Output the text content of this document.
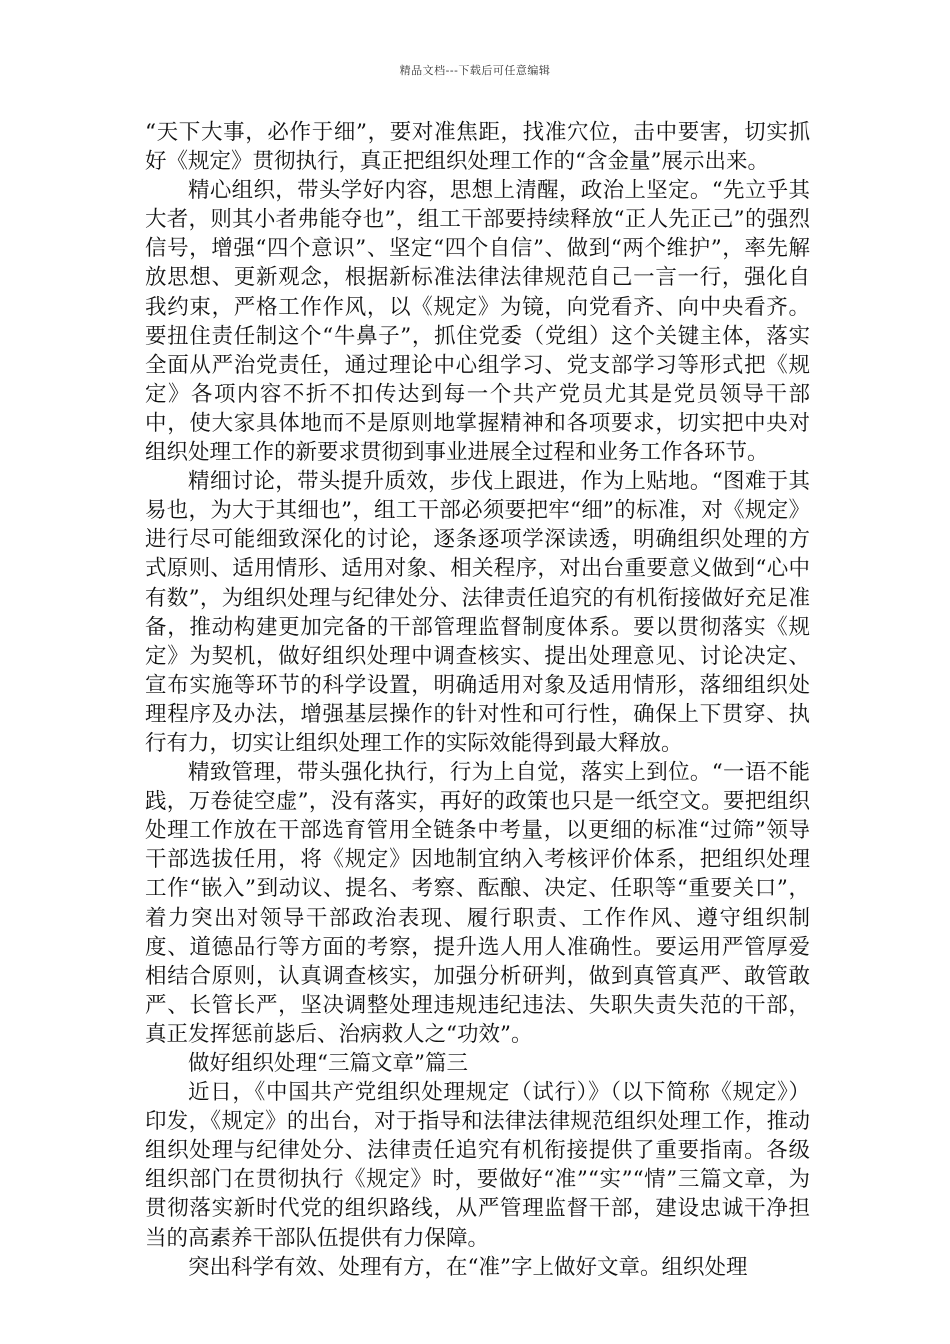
精品文档---下载后可任意编辑

“天下大事，必作于细”，要对准焦距，找准穴位，击中要害，切实抓好《规定》贯彻执行，真正把组织处理工作的“含金量”展示出来。

精心组织，带头学好内容，思想上清醒，政治上坚定。“先立乎其大者，则其小者弗能夺也”，组工干部要持续释放“正人先正己”的强烈信号，增强“四个意识”、坚定“四个自信”、做到“两个维护”，率先解放思想、更新观念，根据新标准法律法律规范自己一言一行，强化自我约束，严格工作作风，以《规定》为镜，向党看齐、向中央看齐。要扭住责任制这个“牛鼻子”，抓住党委（党组）这个关键主体，落实全面从严治党责任，通过理论中心组学习、党支部学习等形式把《规定》各项内容不折不扣传达到每一个共产党员尤其是党员领导干部中，使大家具体地而不是原则地掌握精神和各项要求，切实把中央对组织处理工作的新要求贯彻到事业进展全过程和业务工作各环节。

精细讨论，带头提升质效，步伐上跟进，作为上贴地。“图难于其易也，为大于其细也”，组工干部必须要把牢“细”的标准，对《规定》进行尽可能细致深化的讨论，逐条逐项学深读透，明确组织处理的方式原则、适用情形、适用对象、相关程序，对出台重要意义做到“心中有数”，为组织处理与纪律处分、法律责任追究的有机衔接做好充足准备，推动构建更加完备的干部管理监督制度体系。要以贯彻落实《规定》为契机，做好组织处理中调查核实、提出处理意见、讨论决定、宣布实施等环节的科学设置，明确适用对象及适用情形，落细组织处理程序及办法，增强基层操作的针对性和可行性，确保上下贯穿、执行有力，切实让组织处理工作的实际效能得到最大释放。

精致管理，带头强化执行，行为上自觉，落实上到位。“一语不能践，万卷徒空虚”，没有落实，再好的政策也只是一纸空文。要把组织处理工作放在干部选育管用全链条中考量，以更细的标准“过筛”领导干部选拔任用，将《规定》因地制宜纳入考核评价体系，把组织处理工作“嵌入”到动议、提名、考察、酝酿、决定、任职等“重要关口”，着力突出对领导干部政治表现、履行职责、工作作风、遵守组织制度、道德品行等方面的考察，提升选人用人准确性。要运用严管厚爱相结合原则，认真调查核实，加强分析研判，做到真管真严、敢管敢严、长管长严，坚决调整处理违规违纪违法、失职失责失范的干部，真正发挥惩前毖后、治病救人之“功效”。

做好组织处理“三篇文章”篇三

近日，《中国共产党组织处理规定（试行）》（以下简称《规定》）印发，《规定》的出台，对于指导和法律法律规范组织处理工作，推动组织处理与纪律处分、法律责任追究有机衔接提供了重要指南。各级组织部门在贯彻执行《规定》时，要做好“准”“实”“情”三篇文章，为贯彻落实新时代党的组织路线，从严管理监督干部，建设忠诚干净担当的高素养干部队伍提供有力保障。

突出科学有效、处理有方，在“准”字上做好文章。组织处理
